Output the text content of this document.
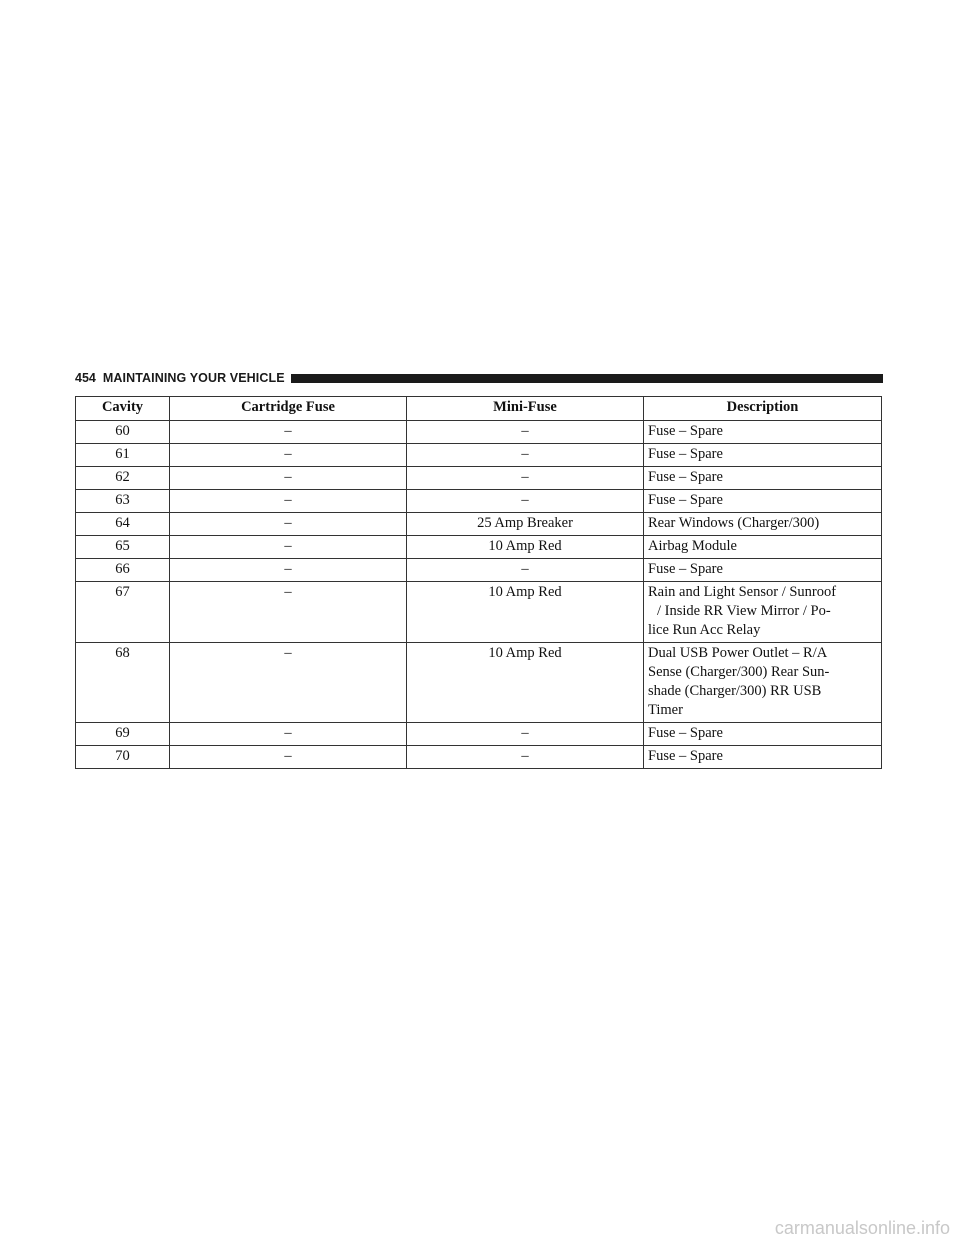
454 MAINTAINING YOUR VEHICLE
Cavity	Cartridge Fuse	Mini-Fuse	Description
60	–	–	Fuse – Spare

61	–	–	Fuse – Spare

62	–	–	Fuse – Spare

63	–	–	Fuse – Spare

64	–	25 Amp Breaker	Rear Windows (Charger/300)

65	–	10 Amp Red	Airbag Module

66	–	–	Fuse – Spare

67	–	10 Amp Red	Rain and Light Sensor / Sunroof
/ Inside RR View Mirror / Po-
lice Run Acc Relay

68	–	10 Amp Red	Dual USB Power Outlet – R/A
Sense (Charger/300) Rear Sun-
shade (Charger/300) RR USB
Timer

69	–	–	Fuse – Spare

70	–	–	Fuse – Spare
carmanualsonline.info
